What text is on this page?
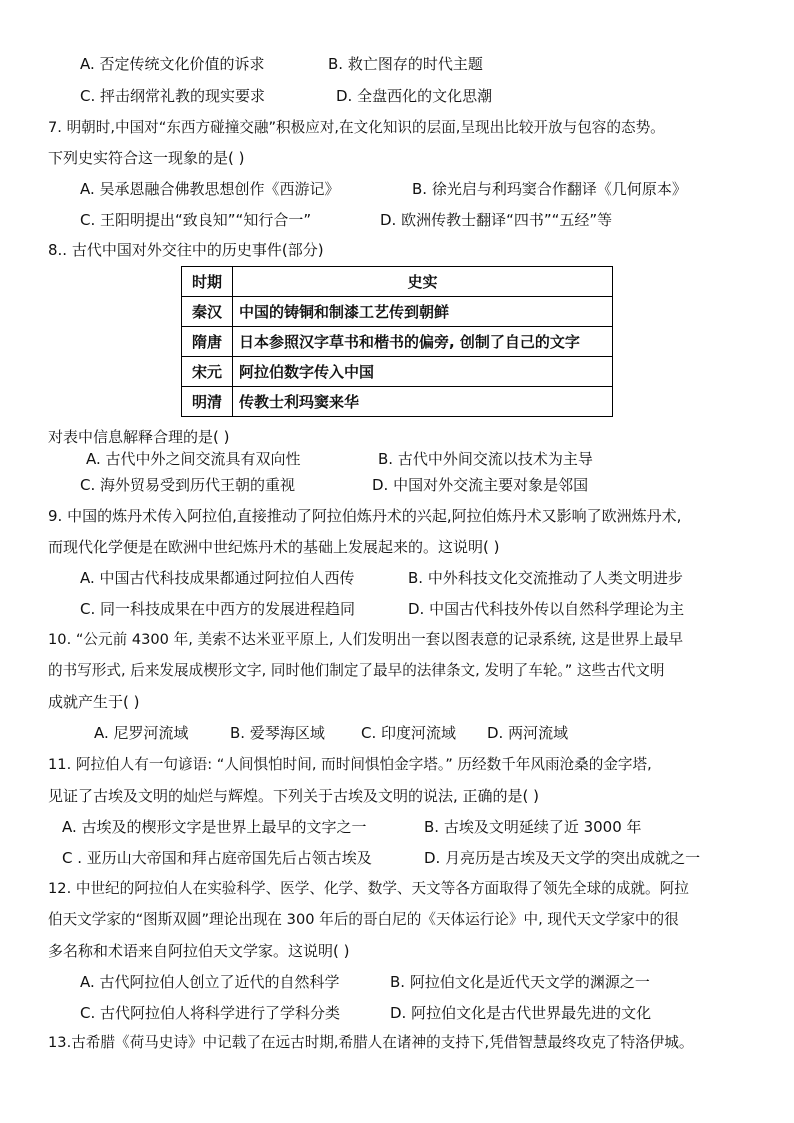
A. 否定传统文化价值的诉求	B. 救亡图存的时代主题
C. 抨击纲常礼教的现实要求	D. 全盘西化的文化思潮
7. 明朝时,中国对“东西方碰撞交融”积极应对,在文化知识的层面,呈现出比较开放与包容的态势。
下列史实符合这一现象的是( )
A. 吴承恩融合佛教思想创作《西游记》	B. 徐光启与利玛窦合作翻译《几何原本》
C. 王阳明提出“致良知”“知行合一”	D. 欧洲传教士翻译“四书”“五经”等
8.. 古代中国对外交往中的历史事件(部分)
时期	史实
秦汉	中国的铸铜和制漆工艺传到朝鲜
隋唐	日本参照汉字草书和楷书的偏旁, 创制了自己的文字
宋元	阿拉伯数字传入中国
明清	传教士利玛窦来华
对表中信息解释合理的是( )
A. 古代中外之间交流具有双向性	B. 古代中外间交流以技术为主导
C. 海外贸易受到历代王朝的重视	D. 中国对外交流主要对象是邻国
9. 中国的炼丹术传入阿拉伯,直接推动了阿拉伯炼丹术的兴起,阿拉伯炼丹术又影响了欧洲炼丹术,
而现代化学便是在欧洲中世纪炼丹术的基础上发展起来的。这说明( )
A. 中国古代科技成果都通过阿拉伯人西传	B. 中外科技文化交流推动了人类文明进步
C. 同一科技成果在中西方的发展进程趋同	D. 中国古代科技外传以自然科学理论为主
10. “公元前 4300 年, 美索不达米亚平原上, 人们发明出一套以图表意的记录系统, 这是世界上最早
的书写形式, 后来发展成楔形文字, 同时他们制定了最早的法律条文, 发明了车轮。” 这些古代文明
成就产生于( )
A. 尼罗河流域	B. 爱琴海区域 C. 印度河流域 D. 两河流域
11. 阿拉伯人有一句谚语: “人间惧怕时间, 而时间惧怕金字塔。” 历经数千年风雨沧桑的金字塔,
见证了古埃及文明的灿烂与辉煌。下列关于古埃及文明的说法, 正确的是( )
A. 古埃及的楔形文字是世界上最早的文字之一	B. 古埃及文明延续了近 3000 年
C . 亚历山大帝国和拜占庭帝国先后占领古埃及	D. 月亮历是古埃及天文学的突出成就之一
12. 中世纪的阿拉伯人在实验科学、医学、化学、数学、天文等各方面取得了领先全球的成就。阿拉
伯天文学家的“图斯双圆”理论出现在 300 年后的哥白尼的《天体运行论》中, 现代天文学家中的很
多名称和术语来自阿拉伯天文学家。这说明( )
A. 古代阿拉伯人创立了近代的自然科学	B. 阿拉伯文化是近代天文学的渊源之一
C. 古代阿拉伯人将科学进行了学科分类	D. 阿拉伯文化是古代世界最先进的文化
13.古希腊《荷马史诗》中记载了在远古时期,希腊人在诸神的支持下,凭借智慧最终攻克了特洛伊城。
